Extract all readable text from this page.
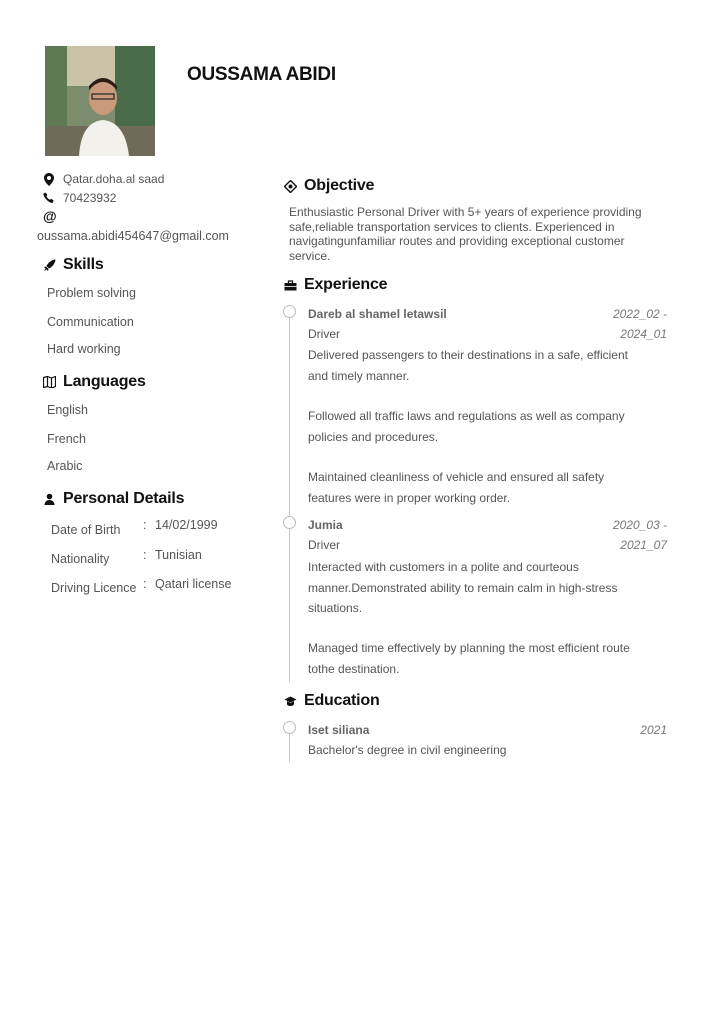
OUSSAMA ABIDI
Qatar.doha.al saad
70423932
@
oussama.abidi454647@gmail.com
Skills
Problem solving
Communication
Hard working
Languages
English
French
Arabic
Personal Details
Date of Birth : 14/02/1999
Nationality	: Tunisian
Driving Licence : Qatari license
Objective
Enthusiastic Personal Driver with 5+ years of experience providing
safe,reliable transportation services to clients. Experienced in
navigatingunfamiliar routes and providing exceptional customer
service.
Experience
Dareb al shamel letawsil	2022_02 -
Driver	2024_01
Delivered passengers to their destinations in a safe, efficient
and timely manner.
Followed all traffic laws and regulations as well as company
policies and procedures.
Maintained cleanliness of vehicle and ensured all safety
features were in proper working order.
Jumia	2020_03 -
Driver	2021_07
Interacted with customers in a polite and courteous
manner.Demonstrated ability to remain calm in high-stress
situations.
Managed time effectively by planning the most efficient route
tothe destination.
Education
Iset siliana	2021
Bachelor's degree in civil engineering
